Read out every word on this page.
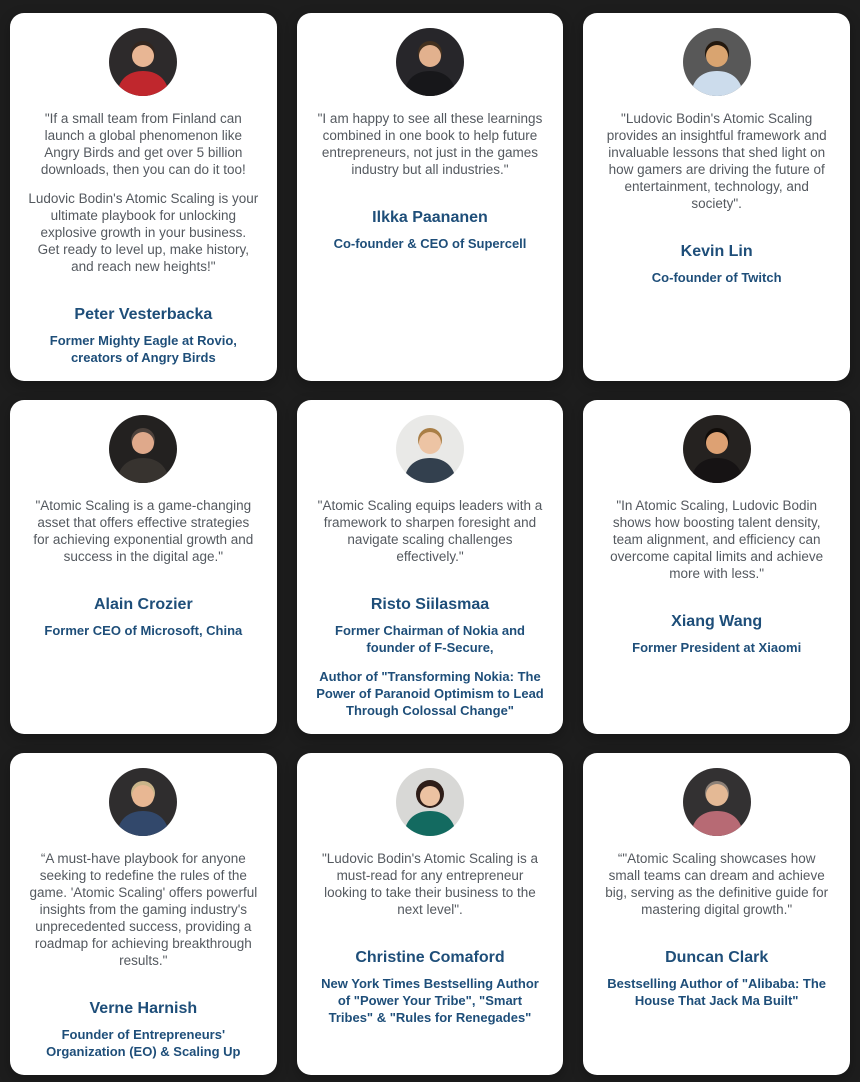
"If a small team from Finland can launch a global phenomenon like Angry Birds and get over 5 billion downloads, then you can do it too!

Ludovic Bodin's Atomic Scaling is your ultimate playbook for unlocking explosive growth in your business. Get ready to level up, make history, and reach new heights!"

Peter Vesterbacka

Former Mighty Eagle at Rovio, creators of Angry Birds

"I am happy to see all these learnings combined in one book to help future entrepreneurs, not just in the games industry but all industries."

Ilkka Paananen

Co-founder & CEO of Supercell

"Ludovic Bodin's Atomic Scaling provides an insightful framework and invaluable lessons that shed light on how gamers are driving the future of entertainment, technology, and society".

Kevin Lin

Co-founder of Twitch

"Atomic Scaling is a game-changing asset that offers effective strategies for achieving exponential growth and success in the digital age."

Alain Crozier

Former CEO of Microsoft, China

"Atomic Scaling equips leaders with a framework to sharpen foresight and navigate scaling challenges effectively."

Risto Siilasmaa

Former Chairman of Nokia and founder of F-Secure,

Author of "Transforming Nokia: The Power of Paranoid Optimism to Lead Through Colossal Change"

"In Atomic Scaling, Ludovic Bodin shows how boosting talent density, team alignment, and efficiency can overcome capital limits and achieve more with less."

Xiang Wang

Former President at Xiaomi

“A must-have playbook for anyone seeking to redefine the rules of the game. 'Atomic Scaling' offers powerful insights from the gaming industry's unprecedented success, providing a roadmap for achieving breakthrough results."

Verne Harnish

Founder of Entrepreneurs' Organization (EO) & Scaling Up

"Ludovic Bodin's Atomic Scaling is a must-read for any entrepreneur looking to take their business to the next level".

Christine Comaford

New York Times Bestselling Author of "Power Your Tribe", "Smart Tribes" & "Rules for Renegades"

“"Atomic Scaling showcases how small teams can dream and achieve big, serving as the definitive guide for mastering digital growth."

Duncan Clark

Bestselling Author of "Alibaba: The House That Jack Ma Built"
